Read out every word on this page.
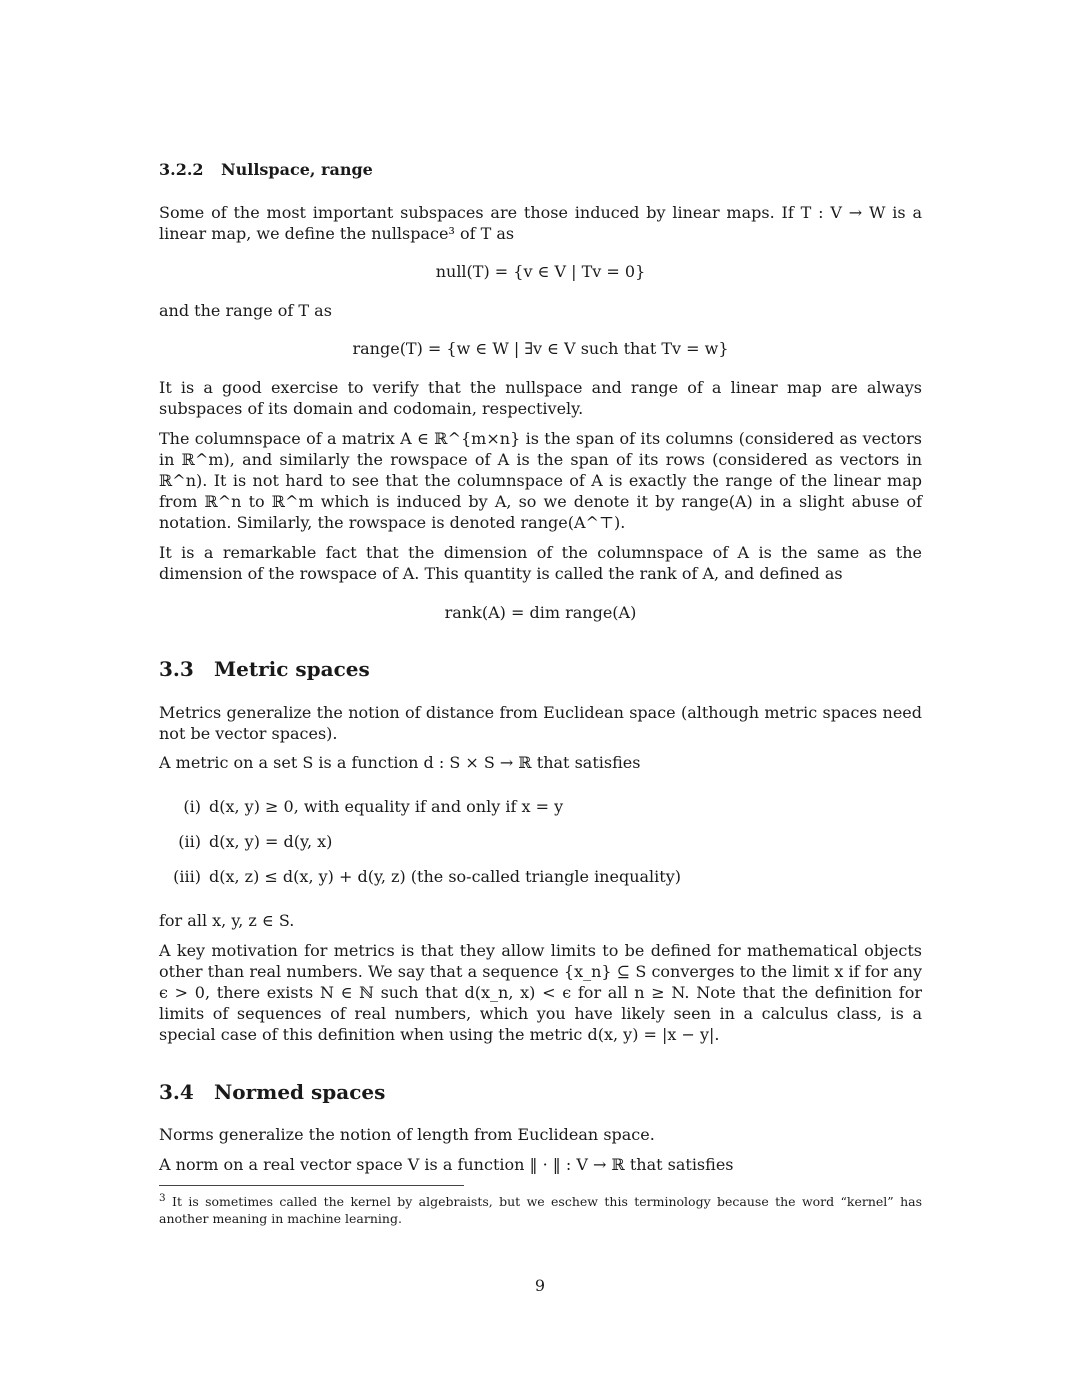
3.2.2 Nullspace, range

Some of the most important subspaces are those induced by linear maps. If T : V → W is a linear map, we define the nullspace³ of T as

null(T) = {v ∈ V | Tv = 0}

and the range of T as

range(T) = {w ∈ W | ∃v ∈ V such that Tv = w}

It is a good exercise to verify that the nullspace and range of a linear map are always subspaces of its domain and codomain, respectively.

The columnspace of a matrix A ∈ ℝ^{m×n} is the span of its columns (considered as vectors in ℝ^m), and similarly the rowspace of A is the span of its rows (considered as vectors in ℝ^n). It is not hard to see that the columnspace of A is exactly the range of the linear map from ℝ^n to ℝ^m which is induced by A, so we denote it by range(A) in a slight abuse of notation. Similarly, the rowspace is denoted range(A^⊤).

It is a remarkable fact that the dimension of the columnspace of A is the same as the dimension of the rowspace of A. This quantity is called the rank of A, and defined as

rank(A) = dim range(A)
3.3 Metric spaces

Metrics generalize the notion of distance from Euclidean space (although metric spaces need not be vector spaces).

A metric on a set S is a function d : S × S → ℝ that satisfies

(i) d(x, y) ≥ 0, with equality if and only if x = y
(ii) d(x, y) = d(y, x)
(iii) d(x, z) ≤ d(x, y) + d(y, z) (the so-called triangle inequality)

for all x, y, z ∈ S.

A key motivation for metrics is that they allow limits to be defined for mathematical objects other than real numbers. We say that a sequence {x_n} ⊆ S converges to the limit x if for any ϵ > 0, there exists N ∈ ℕ such that d(x_n, x) < ϵ for all n ≥ N. Note that the definition for limits of sequences of real numbers, which you have likely seen in a calculus class, is a special case of this definition when using the metric d(x, y) = |x − y|.

3.4 Normed spaces

Norms generalize the notion of length from Euclidean space.

A norm on a real vector space V is a function ‖ · ‖ : V → ℝ that satisfies

$^3$ It is sometimes called the kernel by algebraists, but we eschew this terminology because the word “kernel” has another meaning in machine learning.
9
